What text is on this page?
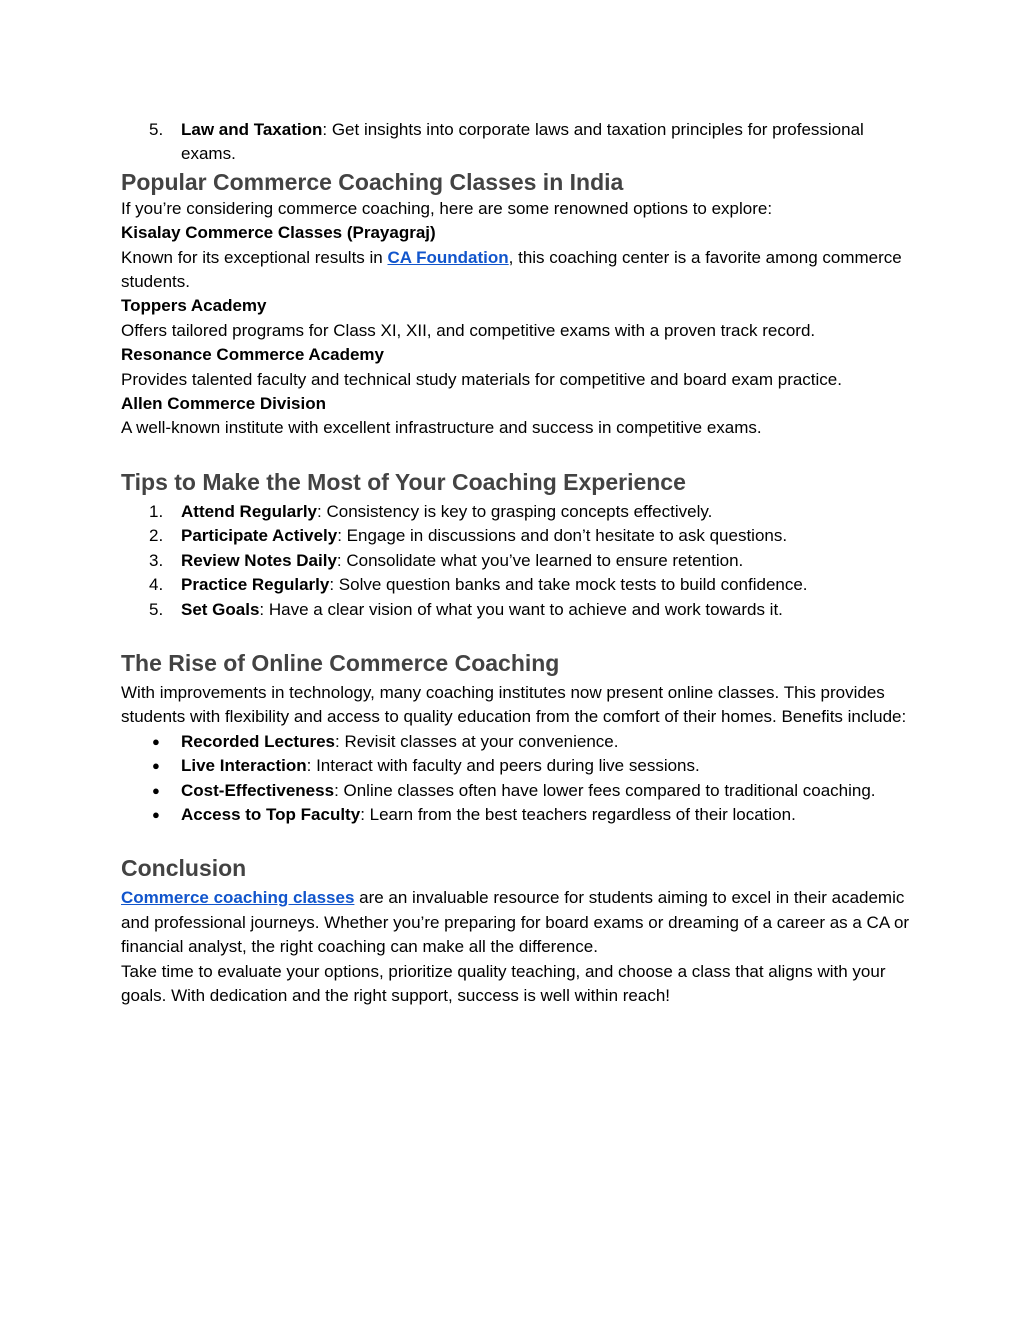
5. Law and Taxation: Get insights into corporate laws and taxation principles for professional exams.
Popular Commerce Coaching Classes in India

If you’re considering commerce coaching, here are some renowned options to explore:

Kisalay Commerce Classes (Prayagraj)

Known for its exceptional results in CA Foundation, this coaching center is a favorite among commerce students.

Toppers Academy

Offers tailored programs for Class XI, XII, and competitive exams with a proven track record.

Resonance Commerce Academy

Provides talented faculty and technical study materials for competitive and board exam practice.

Allen Commerce Division

A well-known institute with excellent infrastructure and success in competitive exams.

Tips to Make the Most of Your Coaching Experience
1. Attend Regularly: Consistency is key to grasping concepts effectively.
2. Participate Actively: Engage in discussions and don’t hesitate to ask questions.
3. Review Notes Daily: Consolidate what you’ve learned to ensure retention.
4. Practice Regularly: Solve question banks and take mock tests to build confidence.
5. Set Goals: Have a clear vision of what you want to achieve and work towards it.
The Rise of Online Commerce Coaching

With improvements in technology, many coaching institutes now present online classes. This provides students with flexibility and access to quality education from the comfort of their homes. Benefits include:

● Recorded Lectures: Revisit classes at your convenience.
● Live Interaction: Interact with faculty and peers during live sessions.
● Cost-Effectiveness: Online classes often have lower fees compared to traditional coaching.
● Access to Top Faculty: Learn from the best teachers regardless of their location.
Conclusion

Commerce coaching classes are an invaluable resource for students aiming to excel in their academic and professional journeys. Whether you’re preparing for board exams or dreaming of a career as a CA or financial analyst, the right coaching can make all the difference.

Take time to evaluate your options, prioritize quality teaching, and choose a class that aligns with your goals. With dedication and the right support, success is well within reach!
